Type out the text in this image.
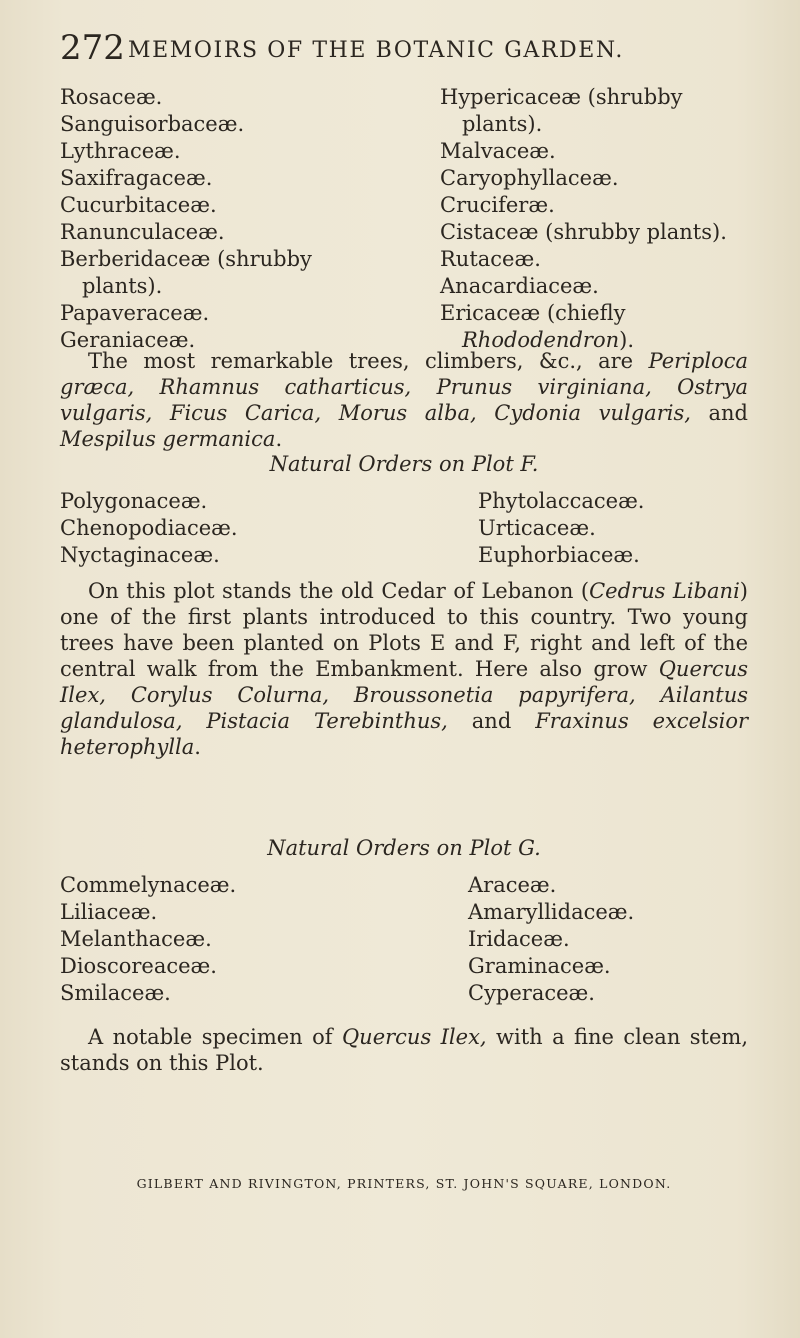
272 MEMOIRS OF THE BOTANIC GARDEN.
Rosaceæ.
Sanguisorbaceæ.
Lythraceæ.
Saxifragaceæ.
Cucurbitaceæ.
Ranunculaceæ.
Berberidaceæ (shrubby plants).
Papaveraceæ.
Geraniaceæ.
Hypericaceæ (shrubby plants).
Malvaceæ.
Caryophyllaceæ.
Cruciferæ.
Cistaceæ (shrubby plants).
Rutaceæ.
Anacardiaceæ.
Ericaceæ (chiefly Rhododendron).
The most remarkable trees, climbers, &c., are Periploca græca, Rhamnus catharticus, Prunus virginiana, Ostrya vulgaris, Ficus Carica, Morus alba, Cydonia vulgaris, and Mespilus germanica.
Natural Orders on Plot F.
Polygonaceæ.
Chenopodiaceæ.
Nyctaginaceæ.
Phytolaccaceæ.
Urticaceæ.
Euphorbiaceæ.
On this plot stands the old Cedar of Lebanon (Cedrus Libani) one of the first plants introduced to this country. Two young trees have been planted on Plots E and F, right and left of the central walk from the Embankment. Here also grow Quercus Ilex, Corylus Colurna, Broussonetia papyrifera, Ailantus glandulosa, Pistacia Terebinthus, and Fraxinus excelsior heterophylla.
Natural Orders on Plot G.
Commelynaceæ.
Liliaceæ.
Melanthaceæ.
Dioscoreaceæ.
Smilaceæ.
Araceæ.
Amaryllidaceæ.
Iridaceæ.
Graminaceæ.
Cyperaceæ.
A notable specimen of Quercus Ilex, with a fine clean stem, stands on this Plot.
GILBERT AND RIVINGTON, PRINTERS, ST. JOHN'S SQUARE, LONDON.
